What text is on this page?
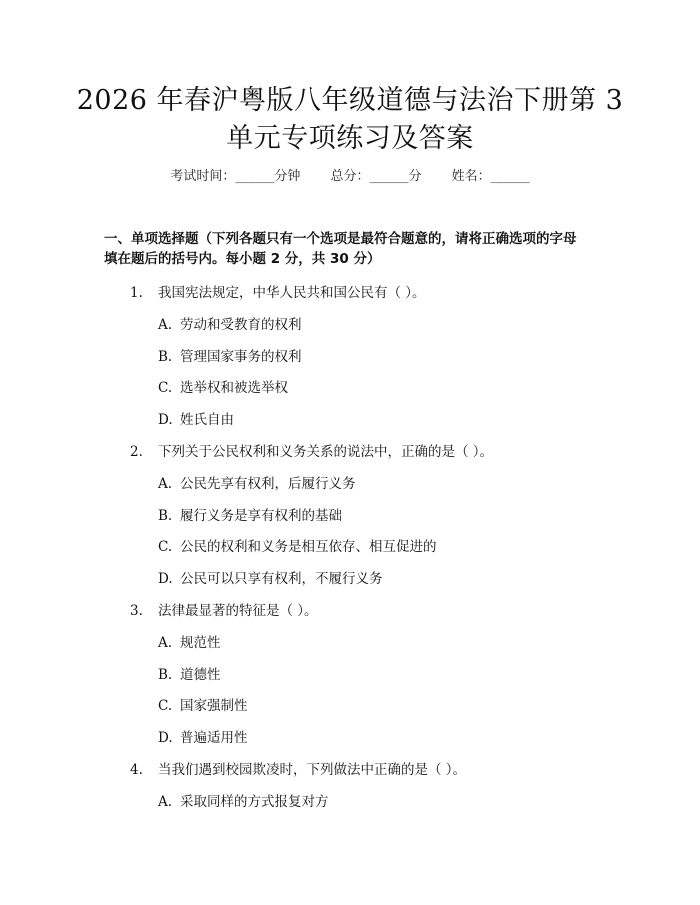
2026 年春沪粤版八年级道德与法治下册第 3
单元专项练习及答案
考试时间：______分钟 总分：______分 姓名：______
一、单项选择题（下列各题只有一个选项是最符合题意的，请将正确选项的字母
填在题后的括号内。每小题 2 分，共 30 分）
1. 我国宪法规定，中华人民共和国公民有（ ）。
A. 劳动和受教育的权利
B. 管理国家事务的权利
C. 选举权和被选举权
D. 姓氏自由
2. 下列关于公民权利和义务关系的说法中，正确的是（ ）。
A. 公民先享有权利，后履行义务
B. 履行义务是享有权利的基础
C. 公民的权利和义务是相互依存、相互促进的
D. 公民可以只享有权利，不履行义务
3. 法律最显著的特征是（ ）。
A. 规范性
B. 道德性
C. 国家强制性
D. 普遍适用性
4. 当我们遇到校园欺凌时，下列做法中正确的是（ ）。
A. 采取同样的方式报复对方
